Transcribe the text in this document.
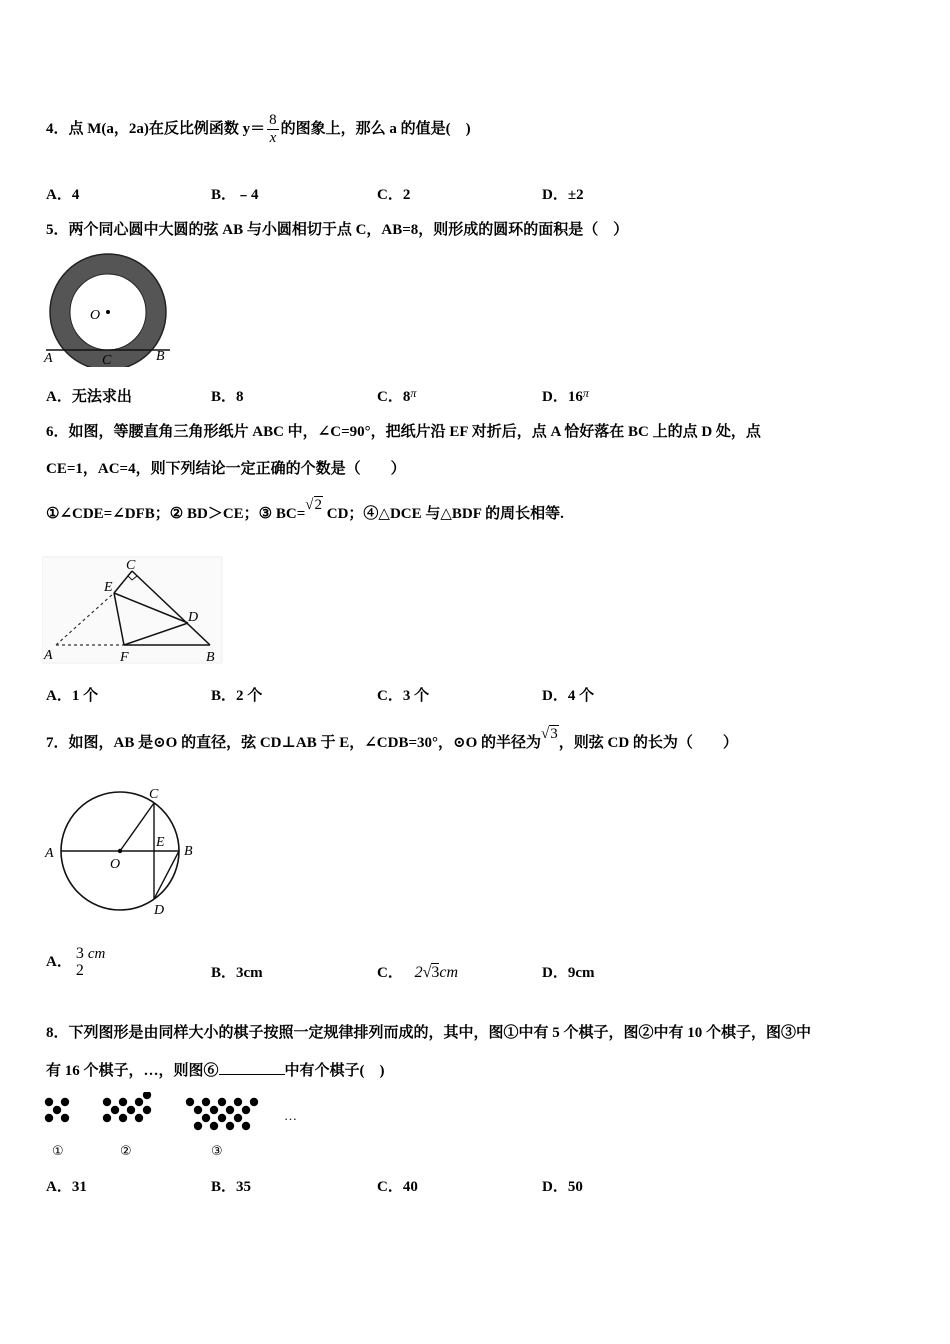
4．点 M(a，2a)在反比例函数 $y= \frac{8}{x}$ 的图象上，那么 a 的值是(　)
A．4	B．﹣4	C．2	D．±2
5．两个同心圆中大圆的弦 AB 与小圆相切于点 C，AB=8，则形成的圆环的面积是（　）
O
A	B
C
A．无法求出	B．8	C．$8^\pi$	D．$16^\pi$
6．如图，等腰直角三角形纸片 ABC 中，∠C=90°，把纸片沿 EF 对折后，点 A 恰好落在 BC 上的点 D 处，点
CE=1，AC=4，则下列结论一定正确的个数是（　　）
①∠CDE=∠DFB；② BD＞CE；③ BC=√2 CD；④△DCE 与△BDF 的周长相等.
A	B
C
D
E
F
A．1 个	B．2 个	C．3 个	D．4 个
7．如图，AB 是⊙O 的直径，弦 CD⊥AB 于 E，∠CDB=30°，⊙O 的半径为√3，则弦 CD 的长为（　　）
A	B
C
D
E
O
A． 3
2
cm
B．3cm	C． 2√3cm	D．9cm
8．下列图形是由同样大小的棋子按照一定规律排列而成的，其中，图①中有 5 个棋子，图②中有 10 个棋子，图③中
有 16 个棋子，…，则图⑥	中有个棋子(　)
…
①	②	③
A．31	B．35	C．40	D．50
